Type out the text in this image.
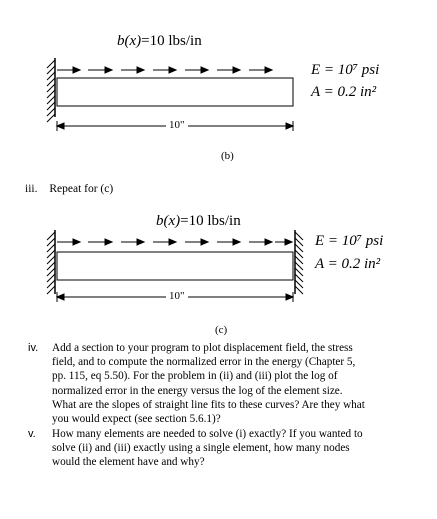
b(x)=10 lbs/in
E = 10⁷ psi
A = 0.2 in²
10"
(b)
iii. Repeat for (c)
b(x)=10 lbs/in
E = 10⁷ psi
A = 0.2 in²
10"
(c)
iv. Add a section to your program to plot displacement field, the stress
field, and to compute the normalized error in the energy (Chapter 5,
pp. 115, eq 5.50). For the problem in (ii) and (iii) plot the log of
normalized error in the energy versus the log of the element size.
What are the slopes of straight line fits to these curves? Are they what
you would expect (see section 5.6.1)?
v. How many elements are needed to solve (i) exactly? If you wanted to
solve (ii) and (iii) exactly using a single element, how many nodes
would the element have and why?
